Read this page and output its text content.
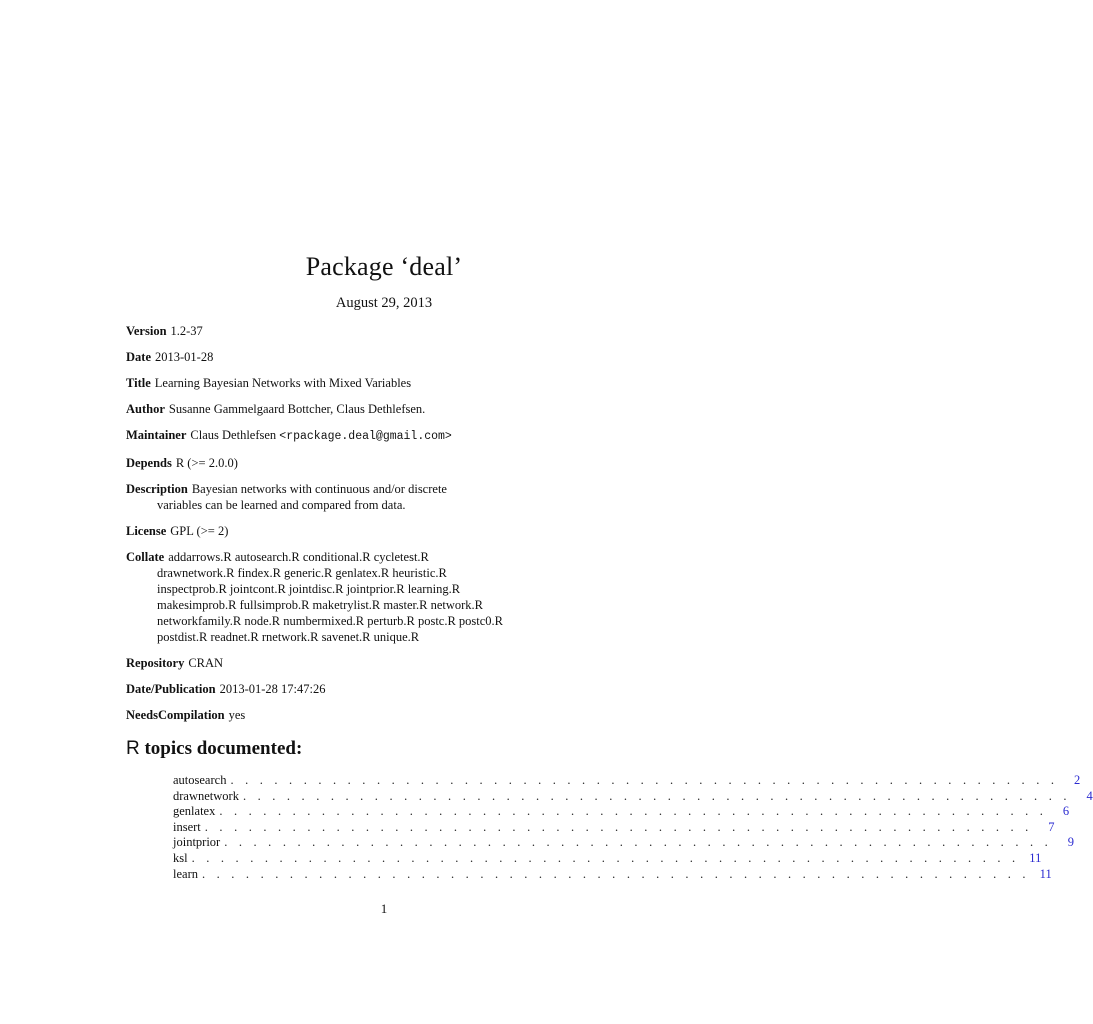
Package ‘deal’
August 29, 2013
Version 1.2-37
Date 2013-01-28
Title Learning Bayesian Networks with Mixed Variables
Author Susanne Gammelgaard Bottcher, Claus Dethlefsen.
Maintainer Claus Dethlefsen <rpackage.deal@gmail.com>
Depends R (>= 2.0.0)
Description Bayesian networks with continuous and/or discrete
variables can be learned and compared from data.
License GPL (>= 2)
Collate addarrows.R autosearch.R conditional.R cycletest.R
drawnetwork.R findex.R generic.R genlatex.R heuristic.R
inspectprob.R jointcont.R jointdisc.R jointprior.R learning.R
makesimprob.R fullsimprob.R maketrylist.R master.R network.R
networkfamily.R node.R numbermixed.R perturb.R postc.R postc0.R
postdist.R readnet.R rnetwork.R savenet.R unique.R
Repository CRAN
Date/Publication 2013-01-28 17:47:26
NeedsCompilation yes
R topics documented:
autosearch . . . . . . . . . . . . . . . . . . . . . . . . . . . . . . . . . . . . . . . . . . . . . . . . . . . . . . . . .	2
drawnetwork . . . . . . . . . . . . . . . . . . . . . . . . . . . . . . . . . . . . . . . . . . . . . . . . . . . . . . . . .	4
genlatex . . . . . . . . . . . . . . . . . . . . . . . . . . . . . . . . . . . . . . . . . . . . . . . . . . . . . . . . .	6
insert . . . . . . . . . . . . . . . . . . . . . . . . . . . . . . . . . . . . . . . . . . . . . . . . . . . . . . . . .	7
jointprior . . . . . . . . . . . . . . . . . . . . . . . . . . . . . . . . . . . . . . . . . . . . . . . . . . . . . . . . .	9
ksl . . . . . . . . . . . . . . . . . . . . . . . . . . . . . . . . . . . . . . . . . . . . . . . . . . . . . . . . . 11
learn . . . . . . . . . . . . . . . . . . . . . . . . . . . . . . . . . . . . . . . . . . . . . . . . . . . . . . . . . 11
1
